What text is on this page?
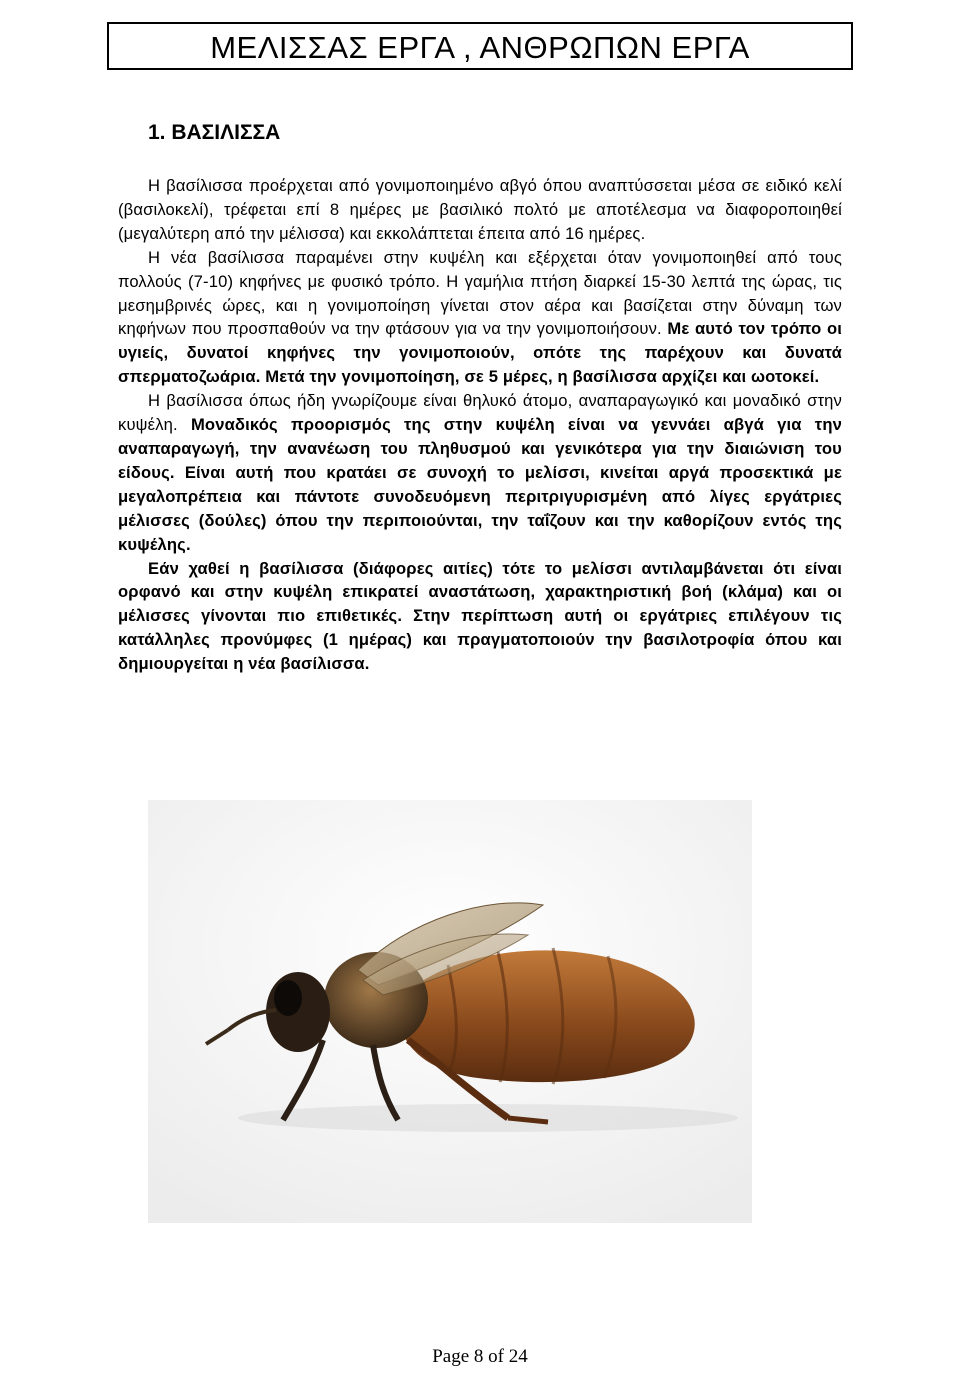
ΜΕΛΙΣΣΑΣ ΕΡΓΑ , ΑΝΘΡΩΠΩΝ ΕΡΓΑ
1. ΒΑΣΙΛΙΣΣΑ

Η βασίλισσα προέρχεται από γονιμοποιημένο αβγό όπου αναπτύσσεται μέσα σε ειδικό κελί (βασιλοκελί), τρέφεται επί 8 ημέρες με βασιλικό πολτό με αποτέλεσμα να διαφοροποιηθεί (μεγαλύτερη από την μέλισσα) και εκκολάπτεται έπειτα από 16 ημέρες.

Η νέα βασίλισσα παραμένει στην κυψέλη και εξέρχεται όταν γονιμοποιηθεί από τους πολλούς (7-10) κηφήνες με φυσικό τρόπο. Η γαμήλια πτήση διαρκεί 15-30 λεπτά της ώρας, τις μεσημβρινές ώρες, και η γονιμοποίηση γίνεται στον αέρα και βασίζεται στην δύναμη των κηφήνων που προσπαθούν να την φτάσουν για να την γονιμοποιήσουν. Με αυτό τον τρόπο οι υγιείς, δυνατοί κηφήνες την γονιμοποιούν, οπότε της παρέχουν και δυνατά σπερματοζωάρια. Μετά την γονιμοποίηση, σε 5 μέρες, η βασίλισσα αρχίζει και ωοτοκεί.

Η βασίλισσα όπως ήδη γνωρίζουμε είναι θηλυκό άτομο, αναπαραγωγικό και μοναδικό στην κυψέλη. Μοναδικός προορισμός της στην κυψέλη είναι να γεννάει αβγά για την αναπαραγωγή, την ανανέωση του πληθυσμού και γενικότερα για την διαιώνιση του είδους. Είναι αυτή που κρατάει σε συνοχή το μελίσσι, κινείται αργά προσεκτικά με μεγαλοπρέπεια και πάντοτε συνοδευόμενη περιτριγυρισμένη από λίγες εργάτριες μέλισσες (δούλες) όπου την περιποιούνται, την ταΐζουν και την καθορίζουν εντός της κυψέλης.

Εάν χαθεί η βασίλισσα (διάφορες αιτίες) τότε το μελίσσι αντιλαμβάνεται ότι είναι ορφανό και στην κυψέλη επικρατεί αναστάτωση, χαρακτηριστική βοή (κλάμα) και οι μέλισσες γίνονται πιο επιθετικές. Στην περίπτωση αυτή οι εργάτριες επιλέγουν τις κατάλληλες προνύμφες (1 ημέρας) και πραγματοποιούν την βασιλοτροφία όπου και δημιουργείται η νέα βασίλισσα.

Page 8 of 24
